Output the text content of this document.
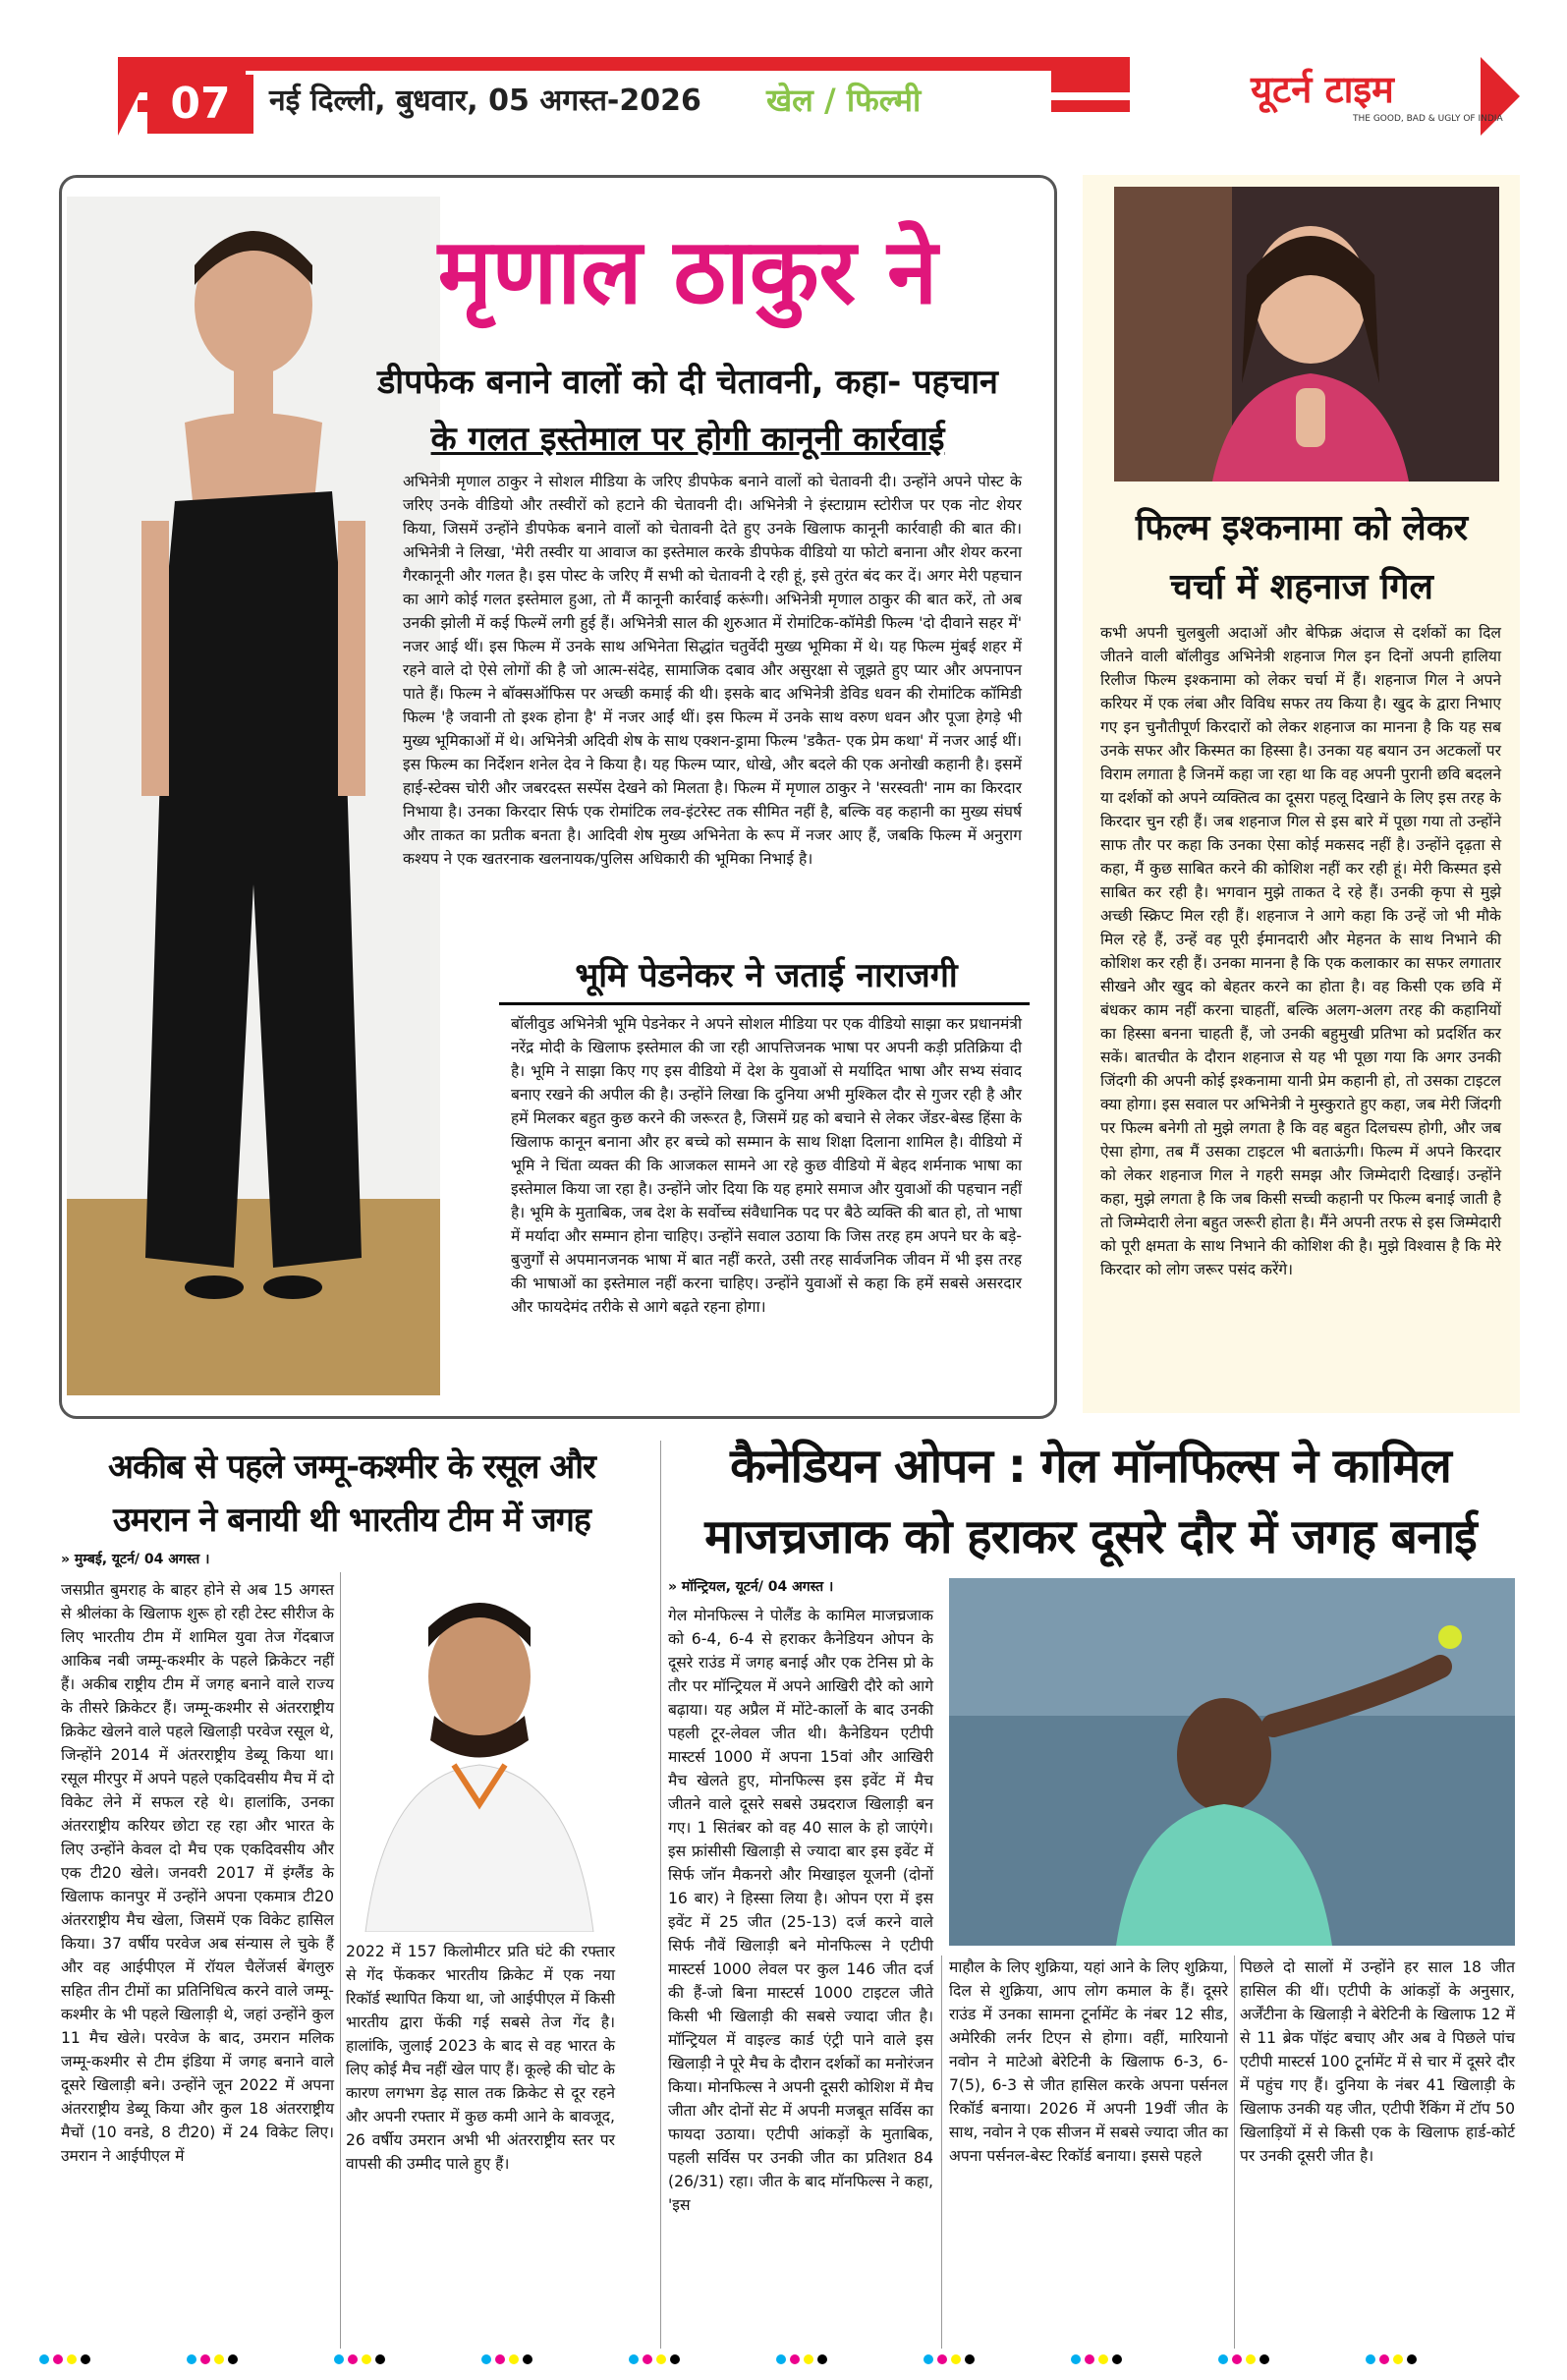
07	नई दिल्ली, बुधवार, 05 अगस्त-2026 खेल / फिल्मी	यूटर्न टाइम
THE GOOD, BAD & UGLY OF INDIA
मृणाल ठाकुर ने
डीपफेक बनाने वालों को दी चेतावनी, कहा- पहचान
के गलत इस्तेमाल पर होगी कानूनी कार्रवाई
अभिनेत्री मृणाल ठाकुर ने सोशल मीडिया के जरिए डीपफेक बनाने वालों को चेतावनी दी। उन्होंने अपने पोस्ट के जरिए उनके वीडियो और तस्वीरों को हटाने की चेतावनी दी। अभिनेत्री ने इंस्टाग्राम स्टोरीज पर एक नोट शेयर किया, जिसमें उन्होंने डीपफेक बनाने वालों को चेतावनी देते हुए उनके खिलाफ कानूनी कार्रवाही की बात की। अभिनेत्री ने लिखा, 'मेरी तस्वीर या आवाज का इस्तेमाल करके डीपफेक वीडियो या फोटो बनाना और शेयर करना गैरकानूनी और गलत है। इस पोस्ट के जरिए मैं सभी को चेतावनी दे रही हूं, इसे तुरंत बंद कर दें। अगर मेरी पहचान का आगे कोई गलत इस्तेमाल हुआ, तो मैं कानूनी कार्रवाई करूंगी। अभिनेत्री मृणाल ठाकुर की बात करें, तो अब उनकी झोली में कई फिल्में लगी हुई हैं। अभिनेत्री साल की शुरुआत में रोमांटिक-कॉमेडी फिल्म 'दो दीवाने सहर में' नजर आई थीं। इस फिल्म में उनके साथ अभिनेता सिद्धांत चतुर्वेदी मुख्य भूमिका में थे। यह फिल्म मुंबई शहर में रहने वाले दो ऐसे लोगों की है जो आत्म-संदेह, सामाजिक दबाव और असुरक्षा से जूझते हुए प्यार और अपनापन पाते हैं। फिल्म ने बॉक्सऑफिस पर अच्छी कमाई की थी। इसके बाद अभिनेत्री डेविड धवन की रोमांटिक कॉमिडी फिल्म 'है जवानी तो इश्क होना है' में नजर आईं थीं। इस फिल्म में उनके साथ वरुण धवन और पूजा हेगड़े भी मुख्य भूमिकाओं में थे। अभिनेत्री अदिवी शेष के साथ एक्शन-ड्रामा फिल्म 'डकैत- एक प्रेम कथा' में नजर आई थीं। इस फिल्म का निर्देशन शनेल देव ने किया है। यह फिल्म प्यार, धोखे, और बदले की एक अनोखी कहानी है। इसमें हाई-स्टेक्स चोरी और जबरदस्त सस्पेंस देखने को मिलता है। फिल्म में मृणाल ठाकुर ने 'सरस्वती' नाम का किरदार निभाया है। उनका किरदार सिर्फ एक रोमांटिक लव-इंटरेस्ट तक सीमित नहीं है, बल्कि वह कहानी का मुख्य संघर्ष और ताकत का प्रतीक बनता है। आदिवी शेष मुख्य अभिनेता के रूप में नजर आए हैं, जबकि फिल्म में अनुराग कश्यप ने एक खतरनाक खलनायक/पुलिस अधिकारी की भूमिका निभाई है।
भूमि पेडनेकर ने जताई नाराजगी
बॉलीवुड अभिनेत्री भूमि पेडनेकर ने अपने सोशल मीडिया पर एक वीडियो साझा कर प्रधानमंत्री नरेंद्र मोदी के खिलाफ इस्तेमाल की जा रही आपत्तिजनक भाषा पर अपनी कड़ी प्रतिक्रिया दी है। भूमि ने साझा किए गए इस वीडियो में देश के युवाओं से मर्यादित भाषा और सभ्य संवाद बनाए रखने की अपील की है। उन्होंने लिखा कि दुनिया अभी मुश्किल दौर से गुजर रही है और हमें मिलकर बहुत कुछ करने की जरूरत है, जिसमें ग्रह को बचाने से लेकर जेंडर-बेस्ड हिंसा के खिलाफ कानून बनाना और हर बच्चे को सम्मान के साथ शिक्षा दिलाना शामिल है। वीडियो में भूमि ने चिंता व्यक्त की कि आजकल सामने आ रहे कुछ वीडियो में बेहद शर्मनाक भाषा का इस्तेमाल किया जा रहा है। उन्होंने जोर दिया कि यह हमारे समाज और युवाओं की पहचान नहीं है। भूमि के मुताबिक, जब देश के सर्वोच्च संवैधानिक पद पर बैठे व्यक्ति की बात हो, तो भाषा में मर्यादा और सम्मान होना चाहिए। उन्होंने सवाल उठाया कि जिस तरह हम अपने घर के बड़े-बुजुर्गों से अपमानजनक भाषा में बात नहीं करते, उसी तरह सार्वजनिक जीवन में भी इस तरह की भाषाओं का इस्तेमाल नहीं करना चाहिए। उन्होंने युवाओं से कहा कि हमें सबसे असरदार और फायदेमंद तरीके से आगे बढ़ते रहना होगा।
फिल्म इश्कनामा को लेकर
चर्चा में शहनाज गिल
कभी अपनी चुलबुली अदाओं और बेफिक्र अंदाज से दर्शकों का दिल जीतने वाली बॉलीवुड अभिनेत्री शहनाज गिल इन दिनों अपनी हालिया रिलीज फिल्म इश्कनामा को लेकर चर्चा में हैं। शहनाज गिल ने अपने करियर में एक लंबा और विविध सफर तय किया है। खुद के द्वारा निभाए गए इन चुनौतीपूर्ण किरदारों को लेकर शहनाज का मानना है कि यह सब उनके सफर और किस्मत का हिस्सा है। उनका यह बयान उन अटकलों पर विराम लगाता है जिनमें कहा जा रहा था कि वह अपनी पुरानी छवि बदलने या दर्शकों को अपने व्यक्तित्व का दूसरा पहलू दिखाने के लिए इस तरह के किरदार चुन रही हैं। जब शहनाज गिल से इस बारे में पूछा गया तो उन्होंने साफ तौर पर कहा कि उनका ऐसा कोई मकसद नहीं है। उन्होंने दृढ़ता से कहा, मैं कुछ साबित करने की कोशिश नहीं कर रही हूं। मेरी किस्मत इसे साबित कर रही है। भगवान मुझे ताकत दे रहे हैं। उनकी कृपा से मुझे अच्छी स्क्रिप्ट मिल रही हैं। शहनाज ने आगे कहा कि उन्हें जो भी मौके मिल रहे हैं, उन्हें वह पूरी ईमानदारी और मेहनत के साथ निभाने की कोशिश कर रही हैं। उनका मानना है कि एक कलाकार का सफर लगातार सीखने और खुद को बेहतर करने का होता है। वह किसी एक छवि में बंधकर काम नहीं करना चाहतीं, बल्कि अलग-अलग तरह की कहानियों का हिस्सा बनना चाहती हैं, जो उनकी बहुमुखी प्रतिभा को प्रदर्शित कर सकें। बातचीत के दौरान शहनाज से यह भी पूछा गया कि अगर उनकी जिंदगी की अपनी कोई इश्कनामा यानी प्रेम कहानी हो, तो उसका टाइटल क्या होगा। इस सवाल पर अभिनेत्री ने मुस्कुराते हुए कहा, जब मेरी जिंदगी पर फिल्म बनेगी तो मुझे लगता है कि वह बहुत दिलचस्प होगी, और जब ऐसा होगा, तब मैं उसका टाइटल भी बताऊंगी। फिल्म में अपने किरदार को लेकर शहनाज गिल ने गहरी समझ और जिम्मेदारी दिखाई। उन्होंने कहा, मुझे लगता है कि जब किसी सच्ची कहानी पर फिल्म बनाई जाती है तो जिम्मेदारी लेना बहुत जरूरी होता है। मैंने अपनी तरफ से इस जिम्मेदारी को पूरी क्षमता के साथ निभाने की कोशिश की है। मुझे विश्वास है कि मेरे किरदार को लोग जरूर पसंद करेंगे।
अकीब से पहले जम्मू-कश्मीर के रसूल और
उमरान ने बनायी थी भारतीय टीम में जगह
» मुम्बई, यूटर्न/ 04 अगस्त ।
जसप्रीत बुमराह के बाहर होने से अब 15 अगस्त से श्रीलंका के खिलाफ शुरू हो रही टेस्ट सीरीज के लिए भारतीय टीम में शामिल युवा तेज गेंदबाज आकिब नबी जम्मू-कश्मीर के पहले क्रिकेटर नहीं हैं। अकीब राष्ट्रीय टीम में जगह बनाने वाले राज्य के तीसरे क्रिकेटर हैं। जम्मू-कश्मीर से अंतरराष्ट्रीय क्रिकेट खेलने वाले पहले खिलाड़ी परवेज रसूल थे, जिन्होंने 2014 में अंतरराष्ट्रीय डेब्यू किया था। रसूल मीरपुर में अपने पहले एकदिवसीय मैच में दो विकेट लेने में सफल रहे थे। हालांकि, उनका अंतरराष्ट्रीय करियर छोटा रह रहा और भारत के लिए उन्होंने केवल दो मैच एक एकदिवसीय और एक टी20 खेले। जनवरी 2017 में इंग्लैंड के खिलाफ कानपुर में उन्होंने अपना एकमात्र टी20 अंतरराष्ट्रीय मैच खेला, जिसमें एक विकेट हासिल किया। 37 वर्षीय परवेज अब संन्यास ले चुके हैं और वह आईपीएल में रॉयल चैलेंजर्स बेंगलुरु सहित तीन टीमों का प्रतिनिधित्व करने वाले जम्मू-कश्मीर के भी पहले खिलाड़ी थे, जहां उन्होंने कुल 11 मैच खेले। परवेज के बाद, उमरान मलिक जम्मू-कश्मीर से टीम इंडिया में जगह बनाने वाले दूसरे खिलाड़ी बने। उन्होंने जून 2022 में अपना अंतरराष्ट्रीय डेब्यू किया और कुल 18 अंतरराष्ट्रीय मैचों (10 वनडे, 8 टी20) में 24 विकेट लिए। उमरान ने आईपीएल में
2022 में 157 किलोमीटर प्रति घंटे की रफ्तार से गेंद फेंककर भारतीय क्रिकेट में एक नया रिकॉर्ड स्थापित किया था, जो आईपीएल में किसी भारतीय द्वारा फेंकी गई सबसे तेज गेंद है। हालांकि, जुलाई 2023 के बाद से वह भारत के लिए कोई मैच नहीं खेल पाए हैं। कूल्हे की चोट के कारण लगभग डेढ़ साल तक क्रिकेट से दूर रहने और अपनी रफ्तार में कुछ कमी आने के बावजूद, 26 वर्षीय उमरान अभी भी अंतरराष्ट्रीय स्तर पर वापसी की उम्मीद पाले हुए हैं।
कैनेडियन ओपन : गेल मॉनफिल्स ने कामिल
माजच्रजाक को हराकर दूसरे दौर में जगह बनाई
» मॉन्ट्रियल, यूटर्न/ 04 अगस्त ।
गेल मोनफिल्स ने पोलैंड के कामिल माजच्रजाक को 6-4, 6-4 से हराकर कैनेडियन ओपन के दूसरे राउंड में जगह बनाई और एक टेनिस प्रो के तौर पर मॉन्ट्रियल में अपने आखिरी दौरे को आगे बढ़ाया। यह अप्रैल में मोंटे-कार्लो के बाद उनकी पहली टूर-लेवल जीत थी। कैनेडियन एटीपी मास्टर्स 1000 में अपना 15वां और आखिरी मैच खेलते हुए, मोनफिल्स इस इवेंट में मैच जीतने वाले दूसरे सबसे उम्रदराज खिलाड़ी बन गए। 1 सितंबर को वह 40 साल के हो जाएंगे। इस फ्रांसीसी खिलाड़ी से ज्यादा बार इस इवेंट में सिर्फ जॉन मैकनरो और मिखाइल यूजनी (दोनों 16 बार) ने हिस्सा लिया है। ओपन एरा में इस इवेंट में 25 जीत (25-13) दर्ज करने वाले सिर्फ नौवें खिलाड़ी बने मोनफिल्स ने एटीपी मास्टर्स 1000 लेवल पर कुल 146 जीत दर्ज की हैं-जो बिना मास्टर्स 1000 टाइटल जीते किसी भी खिलाड़ी की सबसे ज्यादा जीत है। मॉन्ट्रियल में वाइल्ड कार्ड एंट्री पाने वाले इस खिलाड़ी ने पूरे मैच के दौरान दर्शकों का मनोरंजन किया। मोनफिल्स ने अपनी दूसरी कोशिश में मैच जीता और दोनों सेट में अपनी मजबूत सर्विस का फायदा उठाया। एटीपी आंकड़ों के मुताबिक, पहली सर्विस पर उनकी जीत का प्रतिशत 84 (26/31) रहा। जीत के बाद मॉनफिल्स ने कहा, 'इस
माहौल के लिए शुक्रिया, यहां आने के लिए शुक्रिया, दिल से शुक्रिया, आप लोग कमाल के हैं। दूसरे राउंड में उनका सामना टूर्नामेंट के नंबर 12 सीड, अमेरिकी लर्नर टिएन से होगा। वहीं, मारियानो नवोन ने माटेओ बेरेटिनी के खिलाफ 6-3, 6-7(5), 6-3 से जीत हासिल करके अपना पर्सनल रिकॉर्ड बनाया। 2026 में अपनी 19वीं जीत के साथ, नवोन ने एक सीजन में सबसे ज्यादा जीत का अपना पर्सनल-बेस्ट रिकॉर्ड बनाया। इससे पहले
पिछले दो सालों में उन्होंने हर साल 18 जीत हासिल की थीं। एटीपी के आंकड़ों के अनुसार, अर्जेंटीना के खिलाड़ी ने बेरेटिनी के खिलाफ 12 में से 11 ब्रेक पॉइंट बचाए और अब वे पिछले पांच एटीपी मास्टर्स 100 टूर्नामेंट में से चार में दूसरे दौर में पहुंच गए हैं। दुनिया के नंबर 41 खिलाड़ी के खिलाफ उनकी यह जीत, एटीपी रैंकिंग में टॉप 50 खिलाड़ियों में से किसी एक के खिलाफ हार्ड-कोर्ट पर उनकी दूसरी जीत है।
